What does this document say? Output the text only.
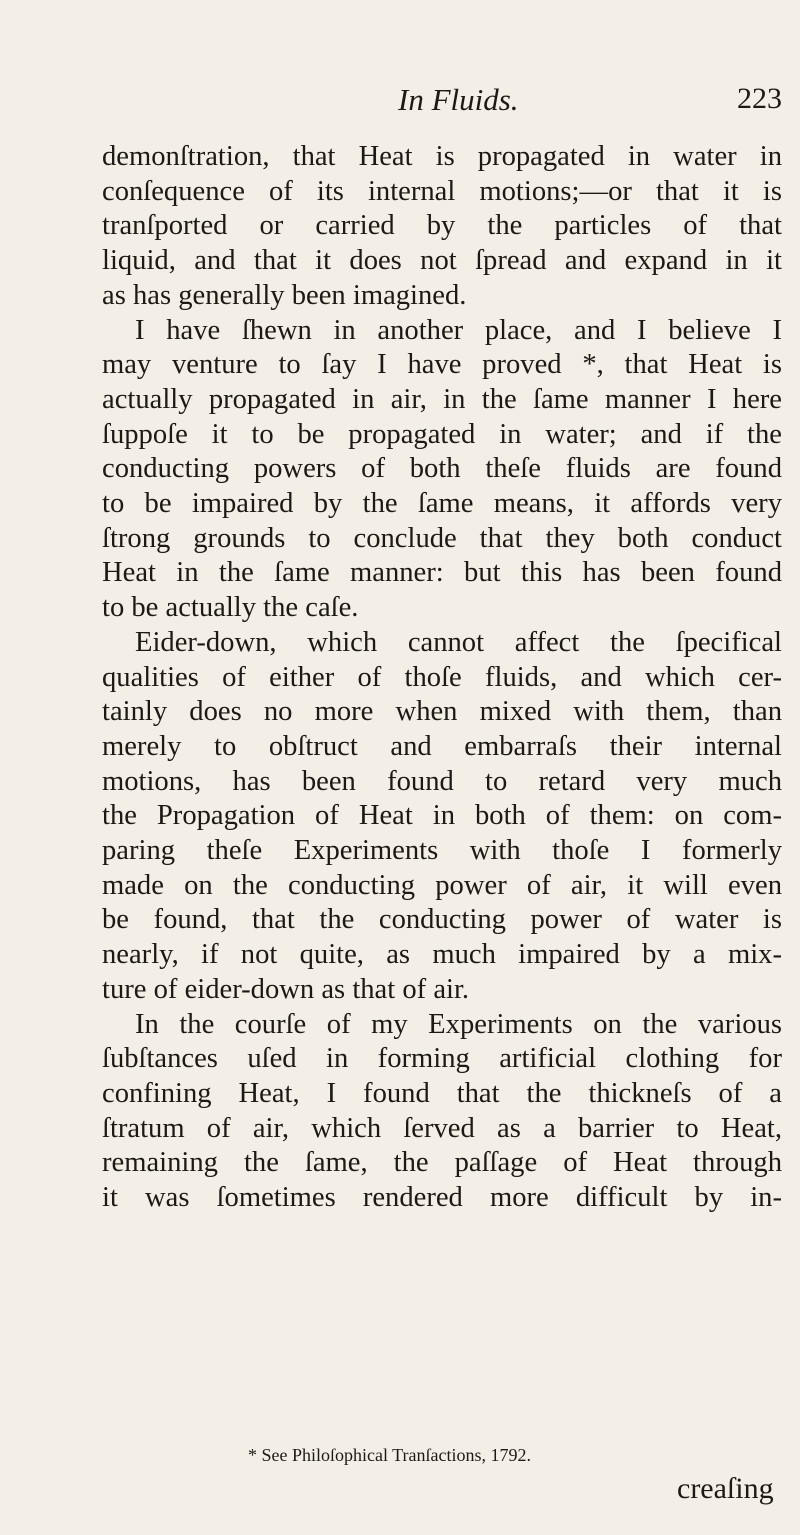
In Fluids.	223
demonſtration, that Heat is propagated in water in
conſequence of its internal motions;—or that it is
tranſported or carried by the particles of that
liquid, and that it does not ſpread and expand in it
as has generally been imagined.
I have ſhewn in another place, and I believe I
may venture to ſay I have proved *, that Heat is
actually propagated in air, in the ſame manner I here
ſuppoſe it to be propagated in water; and if the
conducting powers of both theſe fluids are found
to be impaired by the ſame means, it affords very
ſtrong grounds to conclude that they both conduct
Heat in the ſame manner: but this has been found
to be actually the caſe.
Eider-down, which cannot affect the ſpecifical
qualities of either of thoſe fluids, and which cer-
tainly does no more when mixed with them, than
merely to obſtruct and embarraſs their internal
motions, has been found to retard very much
the Propagation of Heat in both of them: on com-
paring theſe Experiments with thoſe I formerly
made on the conducting power of air, it will even
be found, that the conducting power of water is
nearly, if not quite, as much impaired by a mix-
ture of eider-down as that of air.
In the courſe of my Experiments on the various
ſubſtances uſed in forming artificial clothing for
confining Heat, I found that the thickneſs of a
ſtratum of air, which ſerved as a barrier to Heat,
remaining the ſame, the paſſage of Heat through
it was ſometimes rendered more difficult by in-
* See Philoſophical Tranſactions, 1792.
creaſing
